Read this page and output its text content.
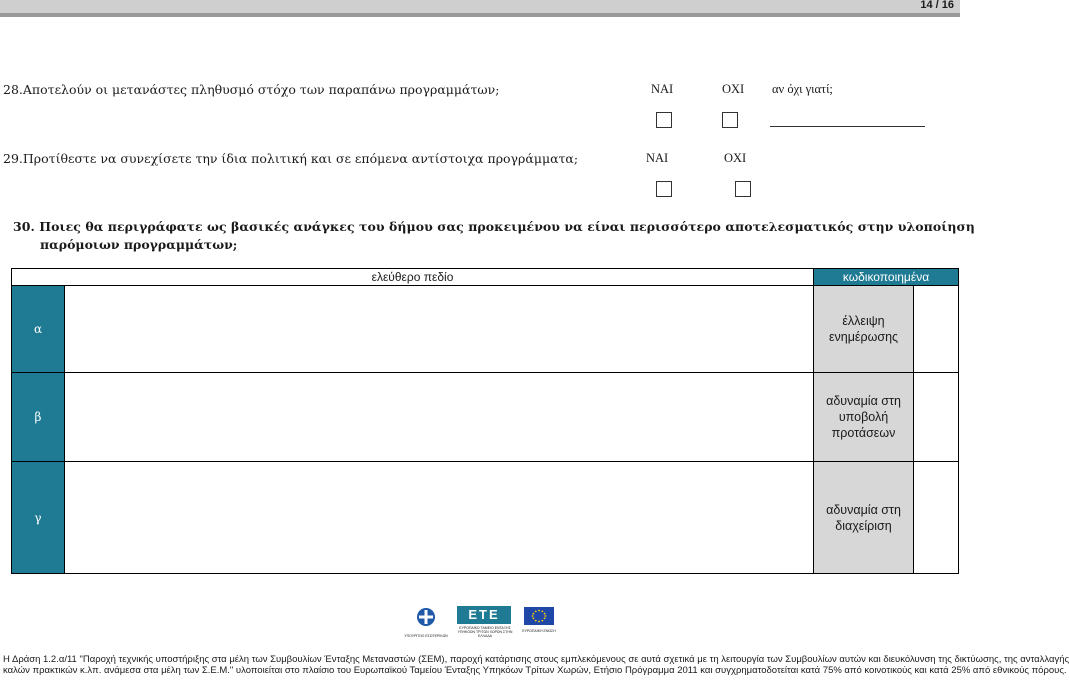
14 / 16
28.Αποτελούν οι μετανάστες πληθυσμό στόχο των παραπάνω προγραμμάτων;	ΝΑΙ	ΟΧΙ αν όχι γιατί;
29.Προτίθεστε να συνεχίσετε την ίδια πολιτική και σε επόμενα αντίστοιχα προγράμματα;	ΝΑΙ	ΟΧΙ
30. Ποιες θα περιγράφατε ως βασικές ανάγκες του δήμου σας προκειμένου να είναι περισσότερο αποτελεσματικός στην υλοποίηση
παρόμοιων προγραμμάτων;
ελεύθερο πεδίο		κωδικοποιημένα	
α		έλλειψη ενημέρωσης	
β		αδυναμία στη υποβολή προτάσεων	
γ		αδυναμία στη διαχείριση	
ΥΠΟΥΡΓΕΙΟ ΕΣΩΤΕΡΙΚΩΝ
ΕΤΕ
ΕΥΡΩΠΑΪΚΟ ΤΑΜΕΙΟ ΕΝΤΑΞΗΣ ΥΠΗΚΟΩΝ ΤΡΙΤΩΝ ΧΩΡΩΝ ΣΤΗΝ ΕΛΛΑΔΑ
ΕΥΡΩΠΑΪΚΗ ΕΝΩΣΗ
Η Δράση 1.2.α/11 "Παροχή τεχνικής υποστήριξης στα μέλη των Συμβουλίων Ένταξης Μεταναστών (ΣΕΜ), παροχή κατάρτισης στους εμπλεκόμενους σε αυτά σχετικά με τη λειτουργία των Συμβουλίων αυτών και διευκόλυνση της δικτύωσης, της ανταλλαγής
καλών πρακτικών κ.λπ. ανάμεσα στα μέλη των Σ.Ε.Μ." υλοποιείται στο πλαίσιο του Ευρωπαϊκού Ταμείου Ένταξης Υπηκόων Τρίτων Χωρών, Ετήσιο Πρόγραμμα 2011 και συγχρηματοδοτείται κατά 75% από κοινοτικούς και κατά 25% από εθνικούς πόρους.
